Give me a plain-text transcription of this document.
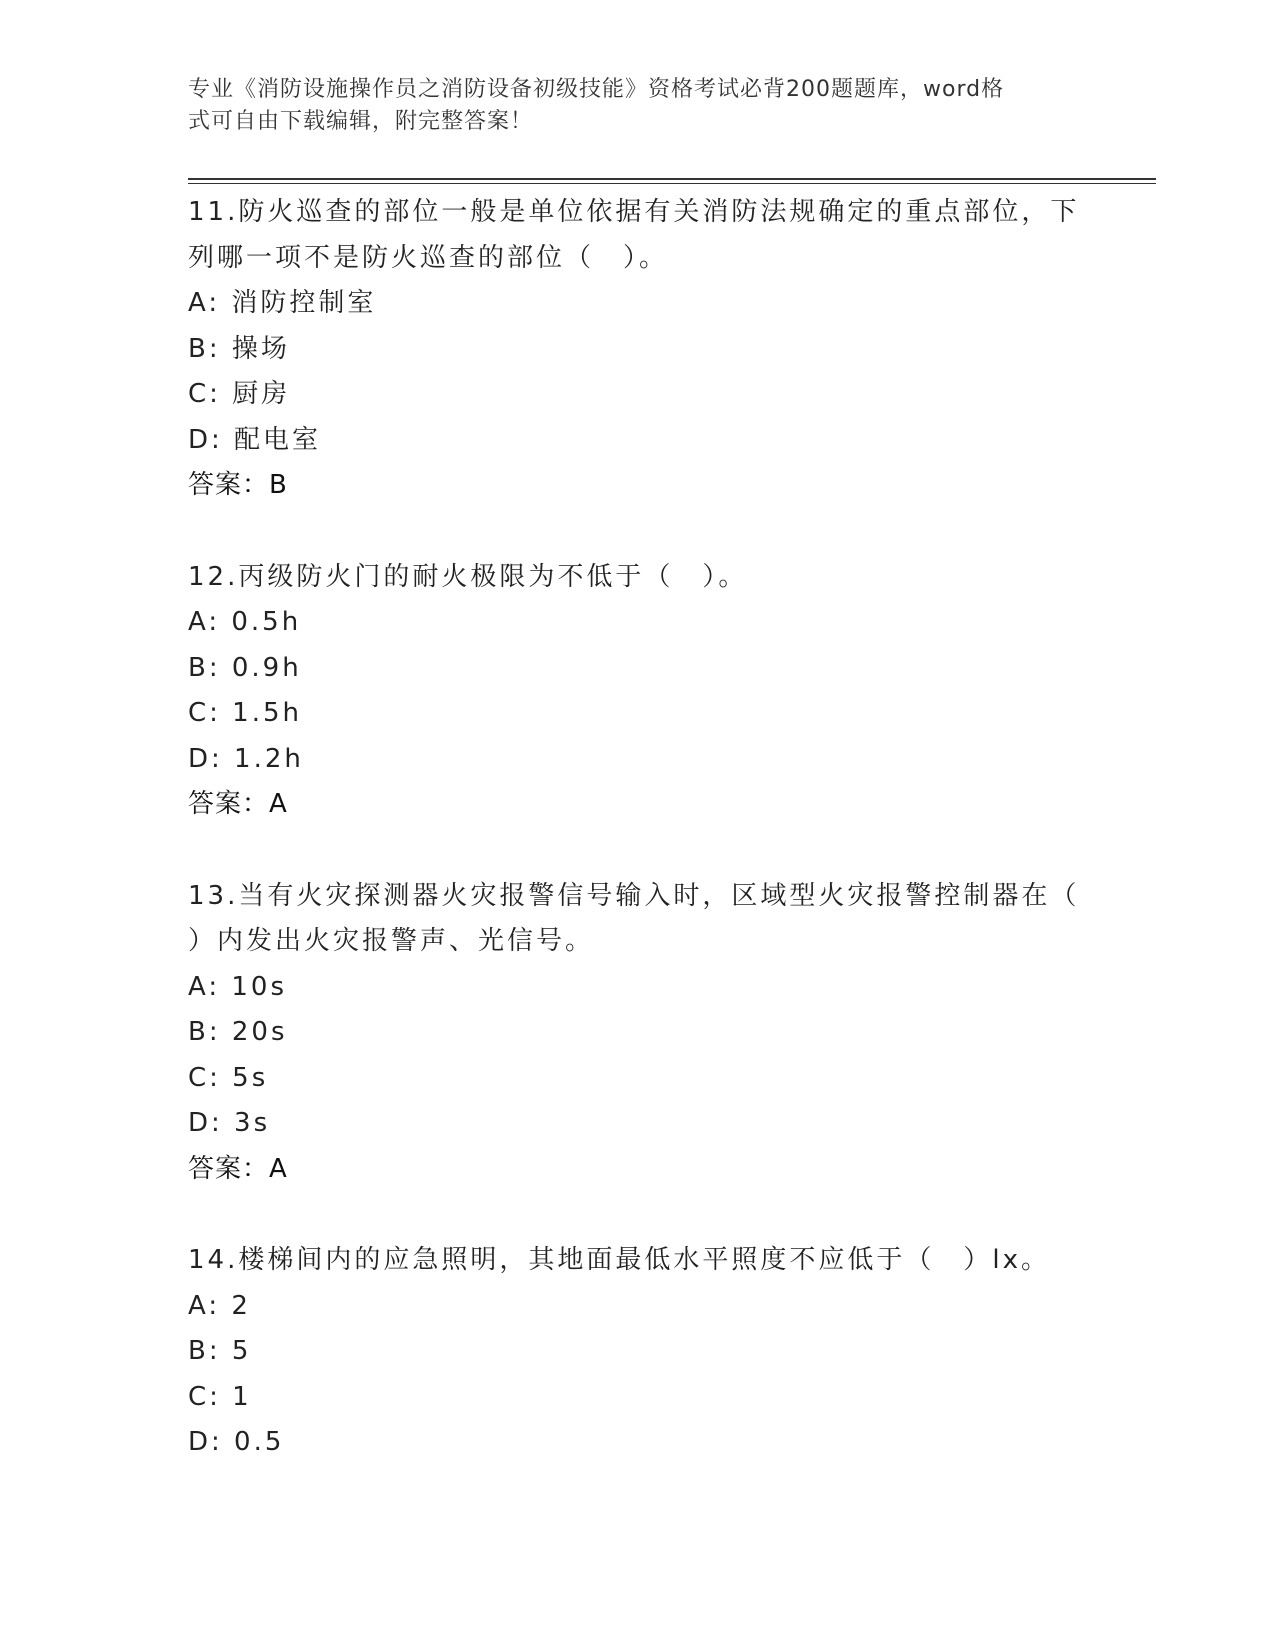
专业《消防设施操作员之消防设备初级技能》资格考试必背200题题库，word格
式可自由下载编辑，附完整答案！
11.防火巡查的部位一般是单位依据有关消防法规确定的重点部位，下
列哪一项不是防火巡查的部位（　）。
A: 消防控制室
B: 操场
C: 厨房
D: 配电室
答案：B
12.丙级防火门的耐火极限为不低于（　）。
A: 0.5h
B: 0.9h
C: 1.5h
D: 1.2h
答案：A
13.当有火灾探测器火灾报警信号输入时，区域型火灾报警控制器在（
）内发出火灾报警声、光信号。
A: 10s
B: 20s
C: 5s
D: 3s
答案：A
14.楼梯间内的应急照明，其地面最低水平照度不应低于（　）lx。
A: 2
B: 5
C: 1
D: 0.5
